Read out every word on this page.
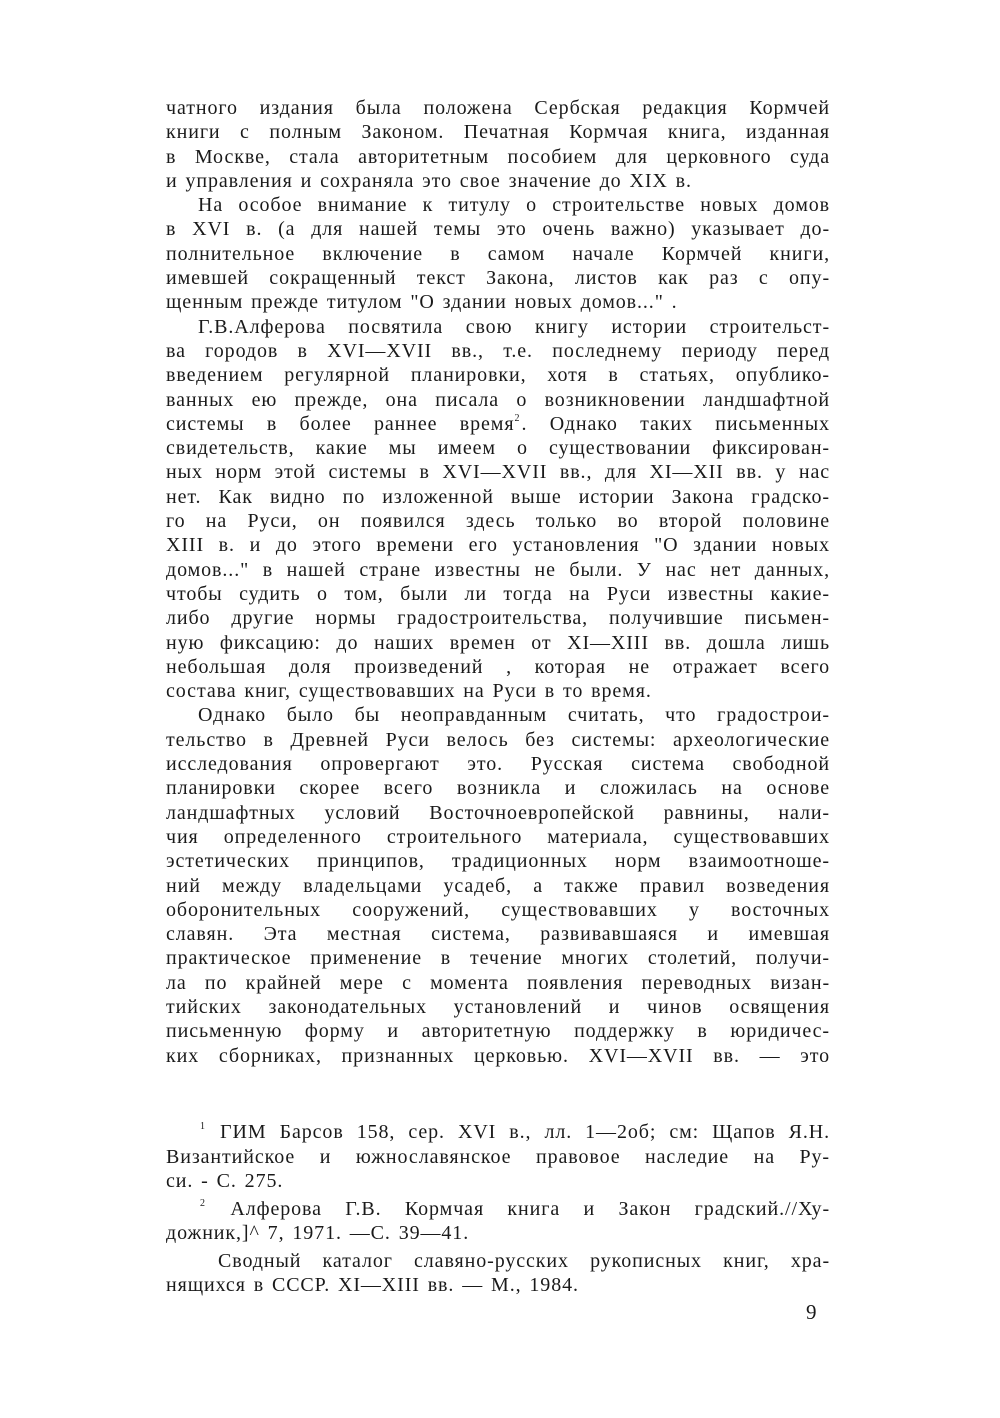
чатного издания была положена Сербская редакция Кормчей
книги с полным Законом. Печатная Кормчая книга, изданная
в Москве, стала авторитетным пособием для церковного суда
и управления и сохраняла это свое значение до XIX в.
На особое внимание к титулу о строительстве новых домов
в XVI в. (а для нашей темы это очень важно) указывает до-
полнительное включение в самом начале Кормчей книги,
имевшей сокращенный текст Закона, листов как раз с опу-
щенным прежде титулом "О здании новых домов..." .
Г.В.Алферова посвятила свою книгу истории строительст-
ва городов в XVI—XVII вв., т.е. последнему периоду перед
введением регулярной планировки, хотя в статьях, опублико-
ванных ею прежде, она писала о возникновении ландшафтной
системы в более раннее время$^2$ . Однако таких письменных
свидетельств, какие мы имеем о существовании фиксирован-
ных норм этой системы в XVI—XVII вв., для XI—XII вв. у нас
нет. Как видно по изложенной выше истории Закона градско-
го на Руси, он появился здесь только во второй половине
XIII в. и до этого времени его установления "О здании новых
домов..." в нашей стране известны не были. У нас нет данных,
чтобы судить о том, были ли тогда на Руси известны какие-
либо другие нормы градостроительства, получившие письмен-
ную фиксацию: до наших времен от XI—XIII вв. дошла лишь
небольшая доля произведений , которая не отражает всего
состава книг, существовавших на Руси в то время.
Однако было бы неоправданным считать, что градострои-
тельство в Древней Руси велось без системы: археологические
исследования опровергают это. Русская система свободной
планировки скорее всего возникла и сложилась на основе
ландшафтных условий Восточноевропейской равнины, нали-
чия определенного строительного материала, существовавших
эстетических принципов, традиционных норм взаимоотноше-
ний между владельцами усадеб, а также правил возведения
оборонительных сооружений, существовавших у восточных
славян. Эта местная система, развивавшаяся и имевшая
практическое применение в течение многих столетий, получи-
ла по крайней мере с момента появления переводных визан-
тийских законодательных установлений и чинов освящения
письменную форму и авторитетную поддержку в юридичес-
ких сборниках, признанных церковью. XVI—XVII вв. — это
$^1$ ГИМ Барсов 158, сер. XVI в., лл. 1—2об; см: Щапов Я.Н.
Византийское и южнославянское правовое наследие на Ру-
си. - С. 275.
$^2$ Алферова Г.В. Кормчая книга и Закон градский.//Ху-
дожник,]^ 7, 1971. —С. 39—41.
Сводный каталог славяно-русских рукописных книг, хра-
нящихся в СССР. XI—XIII вв. — М., 1984.
9
